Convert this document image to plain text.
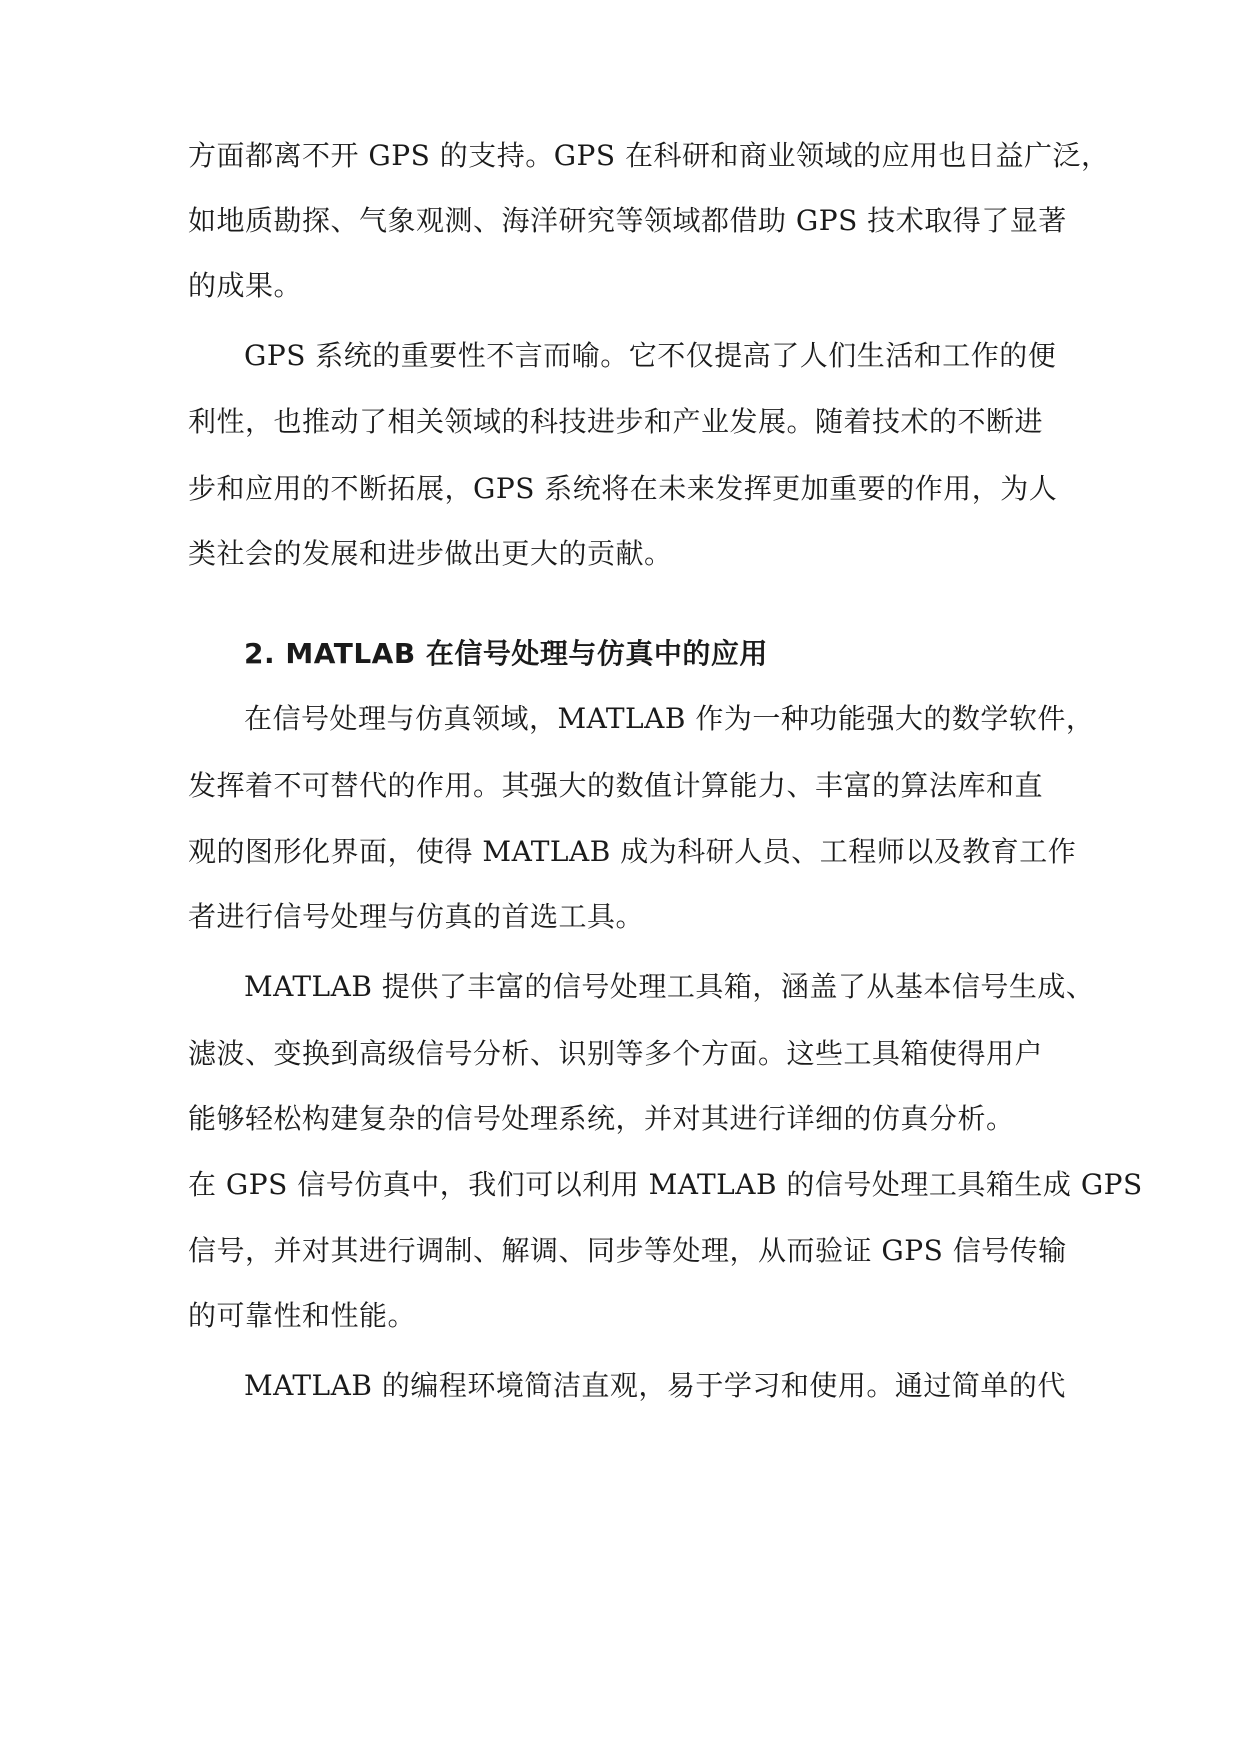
方面都离不开 GPS 的支持。GPS 在科研和商业领域的应用也日益广泛，
如地质勘探、气象观测、海洋研究等领域都借助 GPS 技术取得了显著
的成果。
GPS 系统的重要性不言而喻。它不仅提高了人们生活和工作的便
利性，也推动了相关领域的科技进步和产业发展。随着技术的不断进
步和应用的不断拓展，GPS 系统将在未来发挥更加重要的作用，为人
类社会的发展和进步做出更大的贡献。
2. MATLAB 在信号处理与仿真中的应用
在信号处理与仿真领域，MATLAB 作为一种功能强大的数学软件，
发挥着不可替代的作用。其强大的数值计算能力、丰富的算法库和直
观的图形化界面，使得 MATLAB 成为科研人员、工程师以及教育工作
者进行信号处理与仿真的首选工具。
MATLAB 提供了丰富的信号处理工具箱，涵盖了从基本信号生成、
滤波、变换到高级信号分析、识别等多个方面。这些工具箱使得用户
能够轻松构建复杂的信号处理系统，并对其进行详细的仿真分析。
在 GPS 信号仿真中，我们可以利用 MATLAB 的信号处理工具箱生成 GPS
信号，并对其进行调制、解调、同步等处理，从而验证 GPS 信号传输
的可靠性和性能。
MATLAB 的编程环境简洁直观，易于学习和使用。通过简单的代
